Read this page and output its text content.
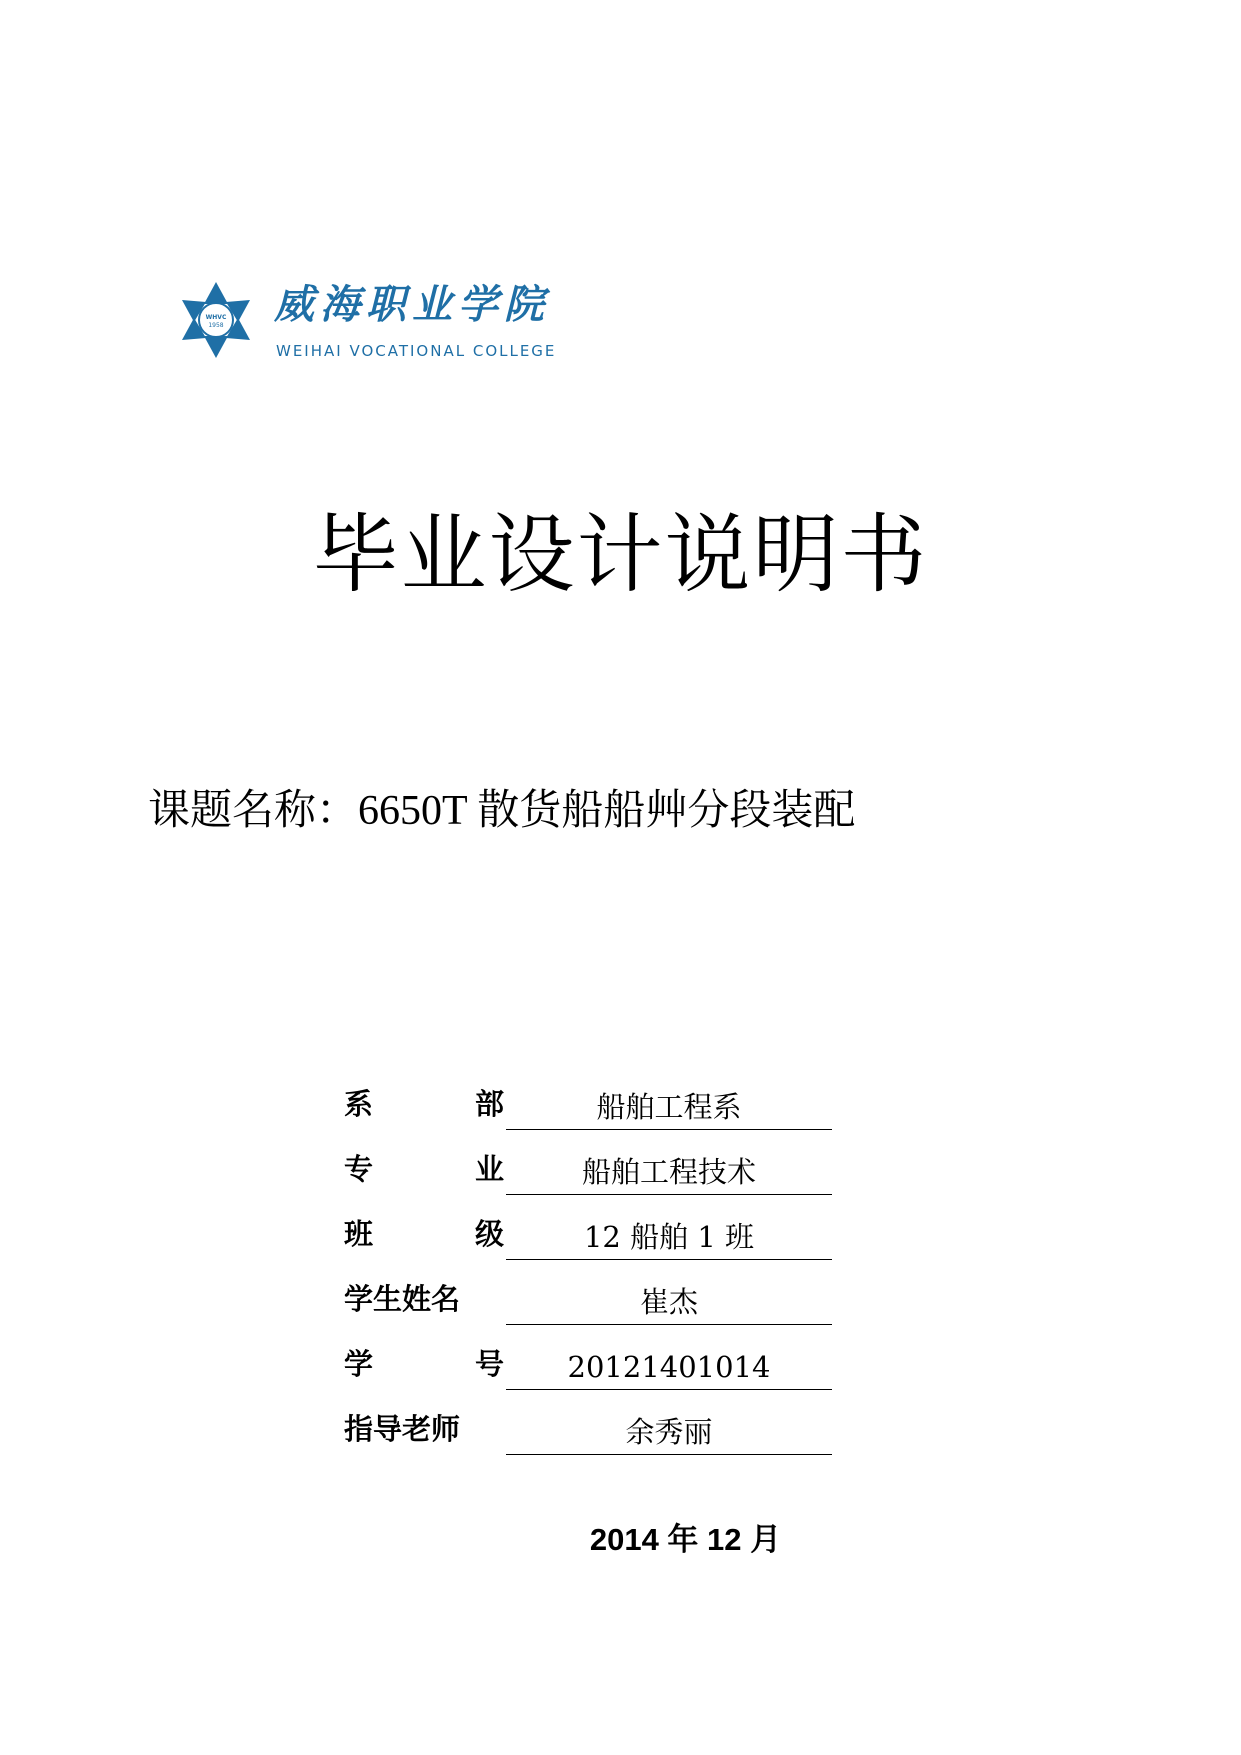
WHVC
1958 威海职业学院
WEIHAI VOCATIONAL COLLEGE
毕业设计说明书
课题名称：6650T 散货船船艸分段装配
系	部	船舶工程系
专	业	船舶工程技术
班	级	12 船舶 1 班
学生姓名	崔杰
学	号	20121401014
指导老师	余秀丽
2014 年 12 月
